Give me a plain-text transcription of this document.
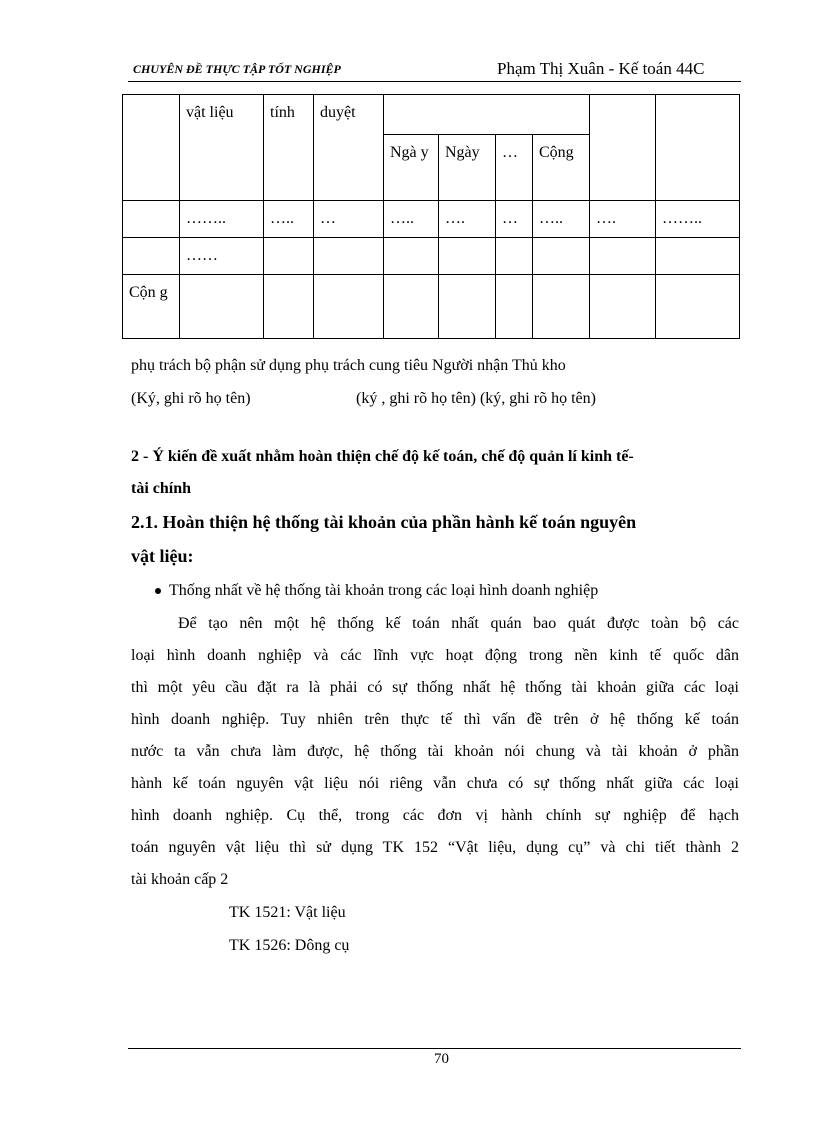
CHUYÊN ĐỀ THỰC TẬP TỐT NGHIỆP	Phạm Thị Xuân - Kế toán 44C
	vật liệu	tính	duyệt						
				Ngà y	Ngày	…	Cộng		
	……..	…..	…	…..	….	…	…..	….	……..
	……								
Cộn g									
phụ trách bộ phận sử dụng phụ trách cung tiêu Người nhận Thủ kho
(Ký, ghi rõ họ tên)	(ký , ghi rõ họ tên) (ký, ghi rõ họ tên)
2 - Ý kiến đề xuất nhằm hoàn thiện chế độ kế toán, chế độ quản lí kinh tế-
tài chính
2.1. Hoàn thiện hệ thống tài khoản của phần hành kế toán nguyên
vật liệu:
Thống nhất về hệ thống tài khoản trong các loại hình doanh nghiệp
Để tạo nên một hệ thống kế toán nhất quán bao quát được toàn bộ các
loại hình doanh nghiệp và các lĩnh vực hoạt động trong nền kinh tế quốc dân
thì một yêu cầu đặt ra là phải có sự thống nhất hệ thống tài khoản giữa các loại
hình doanh nghiệp. Tuy nhiên trên thực tế thì vấn đề trên ở hệ thống kế toán
nước ta vẫn chưa làm được, hệ thống tài khoản nói chung và tài khoản ở phần
hành kế toán nguyên vật liệu nói riêng vẫn chưa có sự thống nhất giữa các loại
hình doanh nghiệp. Cụ thể, trong các đơn vị hành chính sự nghiệp để hạch
toán nguyên vật liệu thì sử dụng TK 152 “Vật liệu, dụng cụ” và chi tiết thành 2
tài khoản cấp 2
TK 1521: Vật liệu
TK 1526: Dông cụ
70
